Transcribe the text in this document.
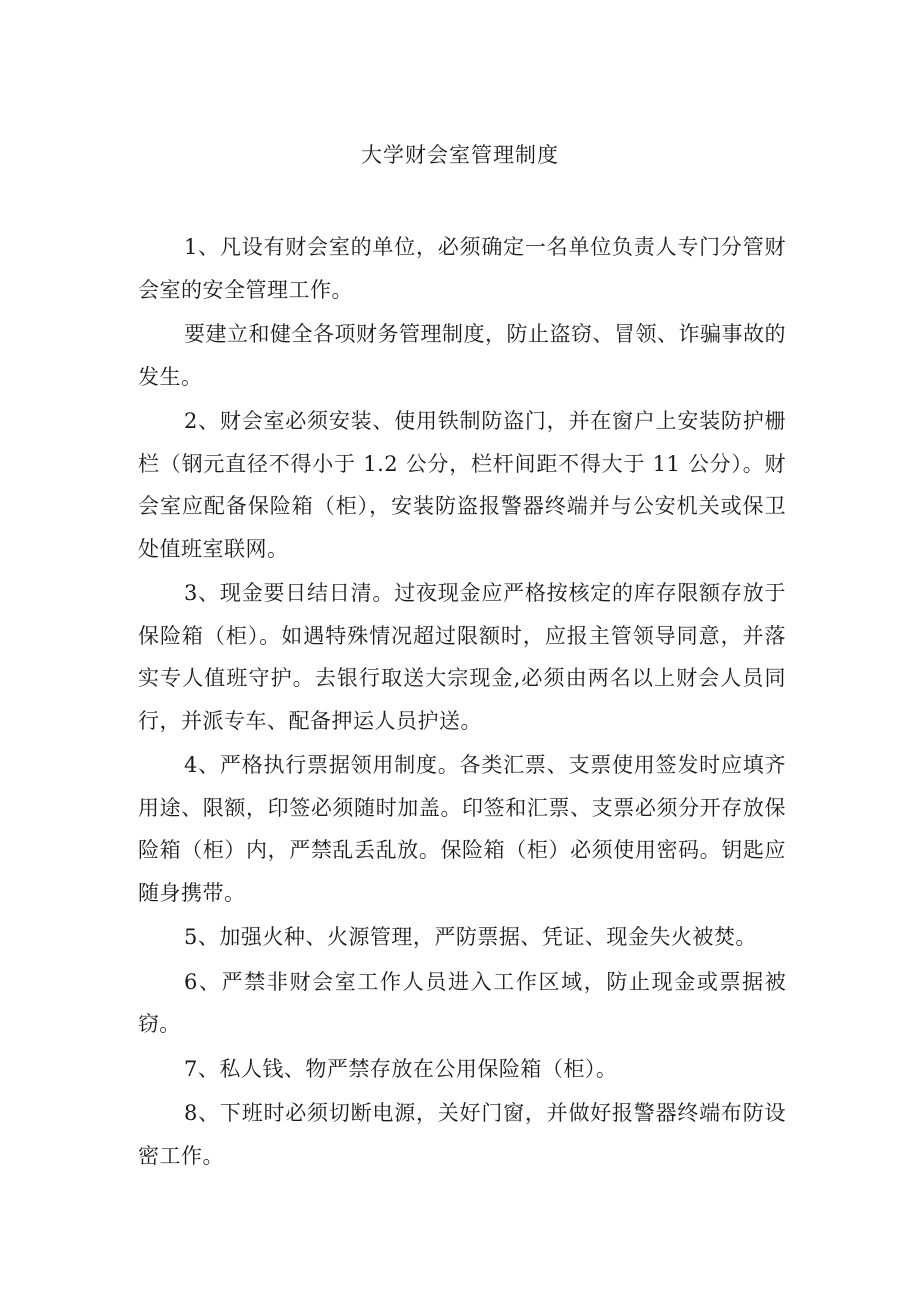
大学财会室管理制度

1、凡设有财会室的单位，必须确定一名单位负责人专门分管财会室的安全管理工作。

要建立和健全各项财务管理制度，防止盗窃、冒领、诈骗事故的发生。

2、财会室必须安装、使用铁制防盗门，并在窗户上安装防护栅栏（钢元直径不得小于 1.2 公分，栏杆间距不得大于 11 公分）。财会室应配备保险箱（柜），安装防盗报警器终端并与公安机关或保卫处值班室联网。

3、现金要日结日清。过夜现金应严格按核定的库存限额存放于保险箱（柜）。如遇特殊情况超过限额时，应报主管领导同意，并落实专人值班守护。去银行取送大宗现金,必须由两名以上财会人员同行，并派专车、配备押运人员护送。

4、严格执行票据领用制度。各类汇票、支票使用签发时应填齐用途、限额，印签必须随时加盖。印签和汇票、支票必须分开存放保险箱（柜）内，严禁乱丢乱放。保险箱（柜）必须使用密码。钥匙应随身携带。

5、加强火种、火源管理，严防票据、凭证、现金失火被焚。

6、严禁非财会室工作人员进入工作区域，防止现金或票据被窃。

7、私人钱、物严禁存放在公用保险箱（柜）。

8、下班时必须切断电源，关好门窗，并做好报警器终端布防设密工作。
